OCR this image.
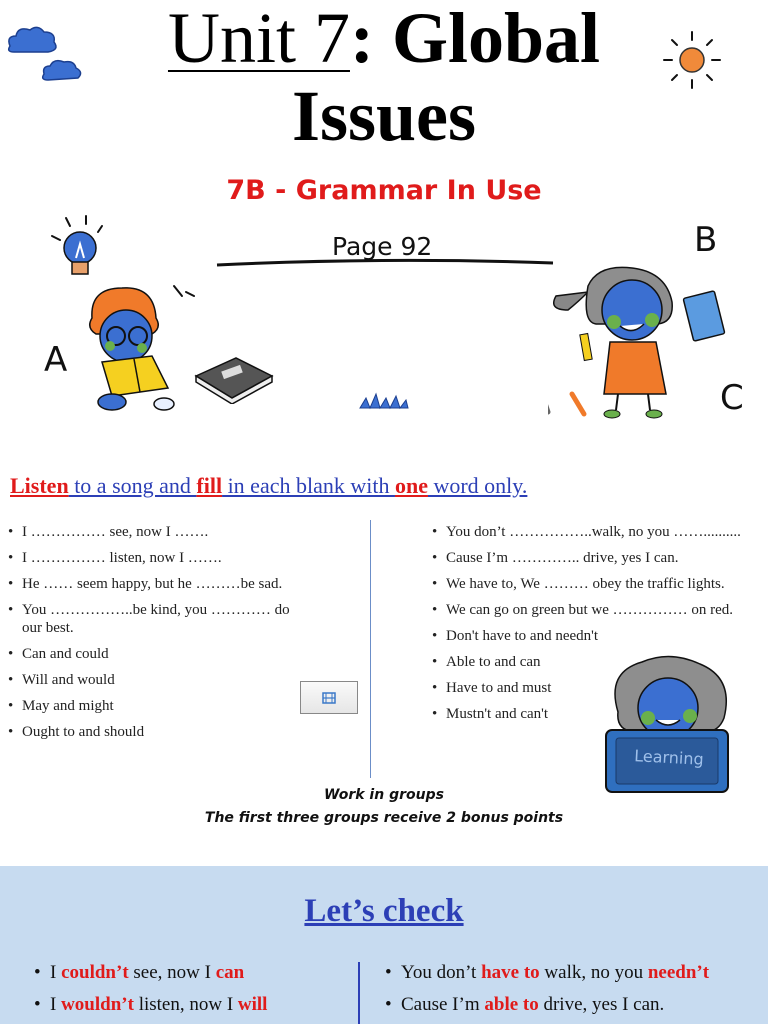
Unit 7: Global
Issues
7B - Grammar In Use
Page 92
A
B
C
Listen to a song and fill in each blank with one word only.
• I …………… see, now I …….
• I …………… listen, now I …….
• He …… seem happy, but he ………be sad.
• You ……………..be kind, you ………… do our best.
• Can and could
• Will and would
• May and might
• Ought to and should
• You don’t ……………..walk, no you ……..........
• Cause I’m ………….. drive, yes I can.
• We have to, We ……… obey the traffic lights.
• We can go on green but we …………… on red.
• Don't have to and needn't
• Able to and can
• Have to and must
• Mustn't and can't
Learning
Work in groups
The first three groups receive 2 bonus points
Let’s check
• I couldn’t see, now I can
• I wouldn’t listen, now I will
• You don’t have to walk, no you needn’t
• Cause I’m able to drive, yes I can.
